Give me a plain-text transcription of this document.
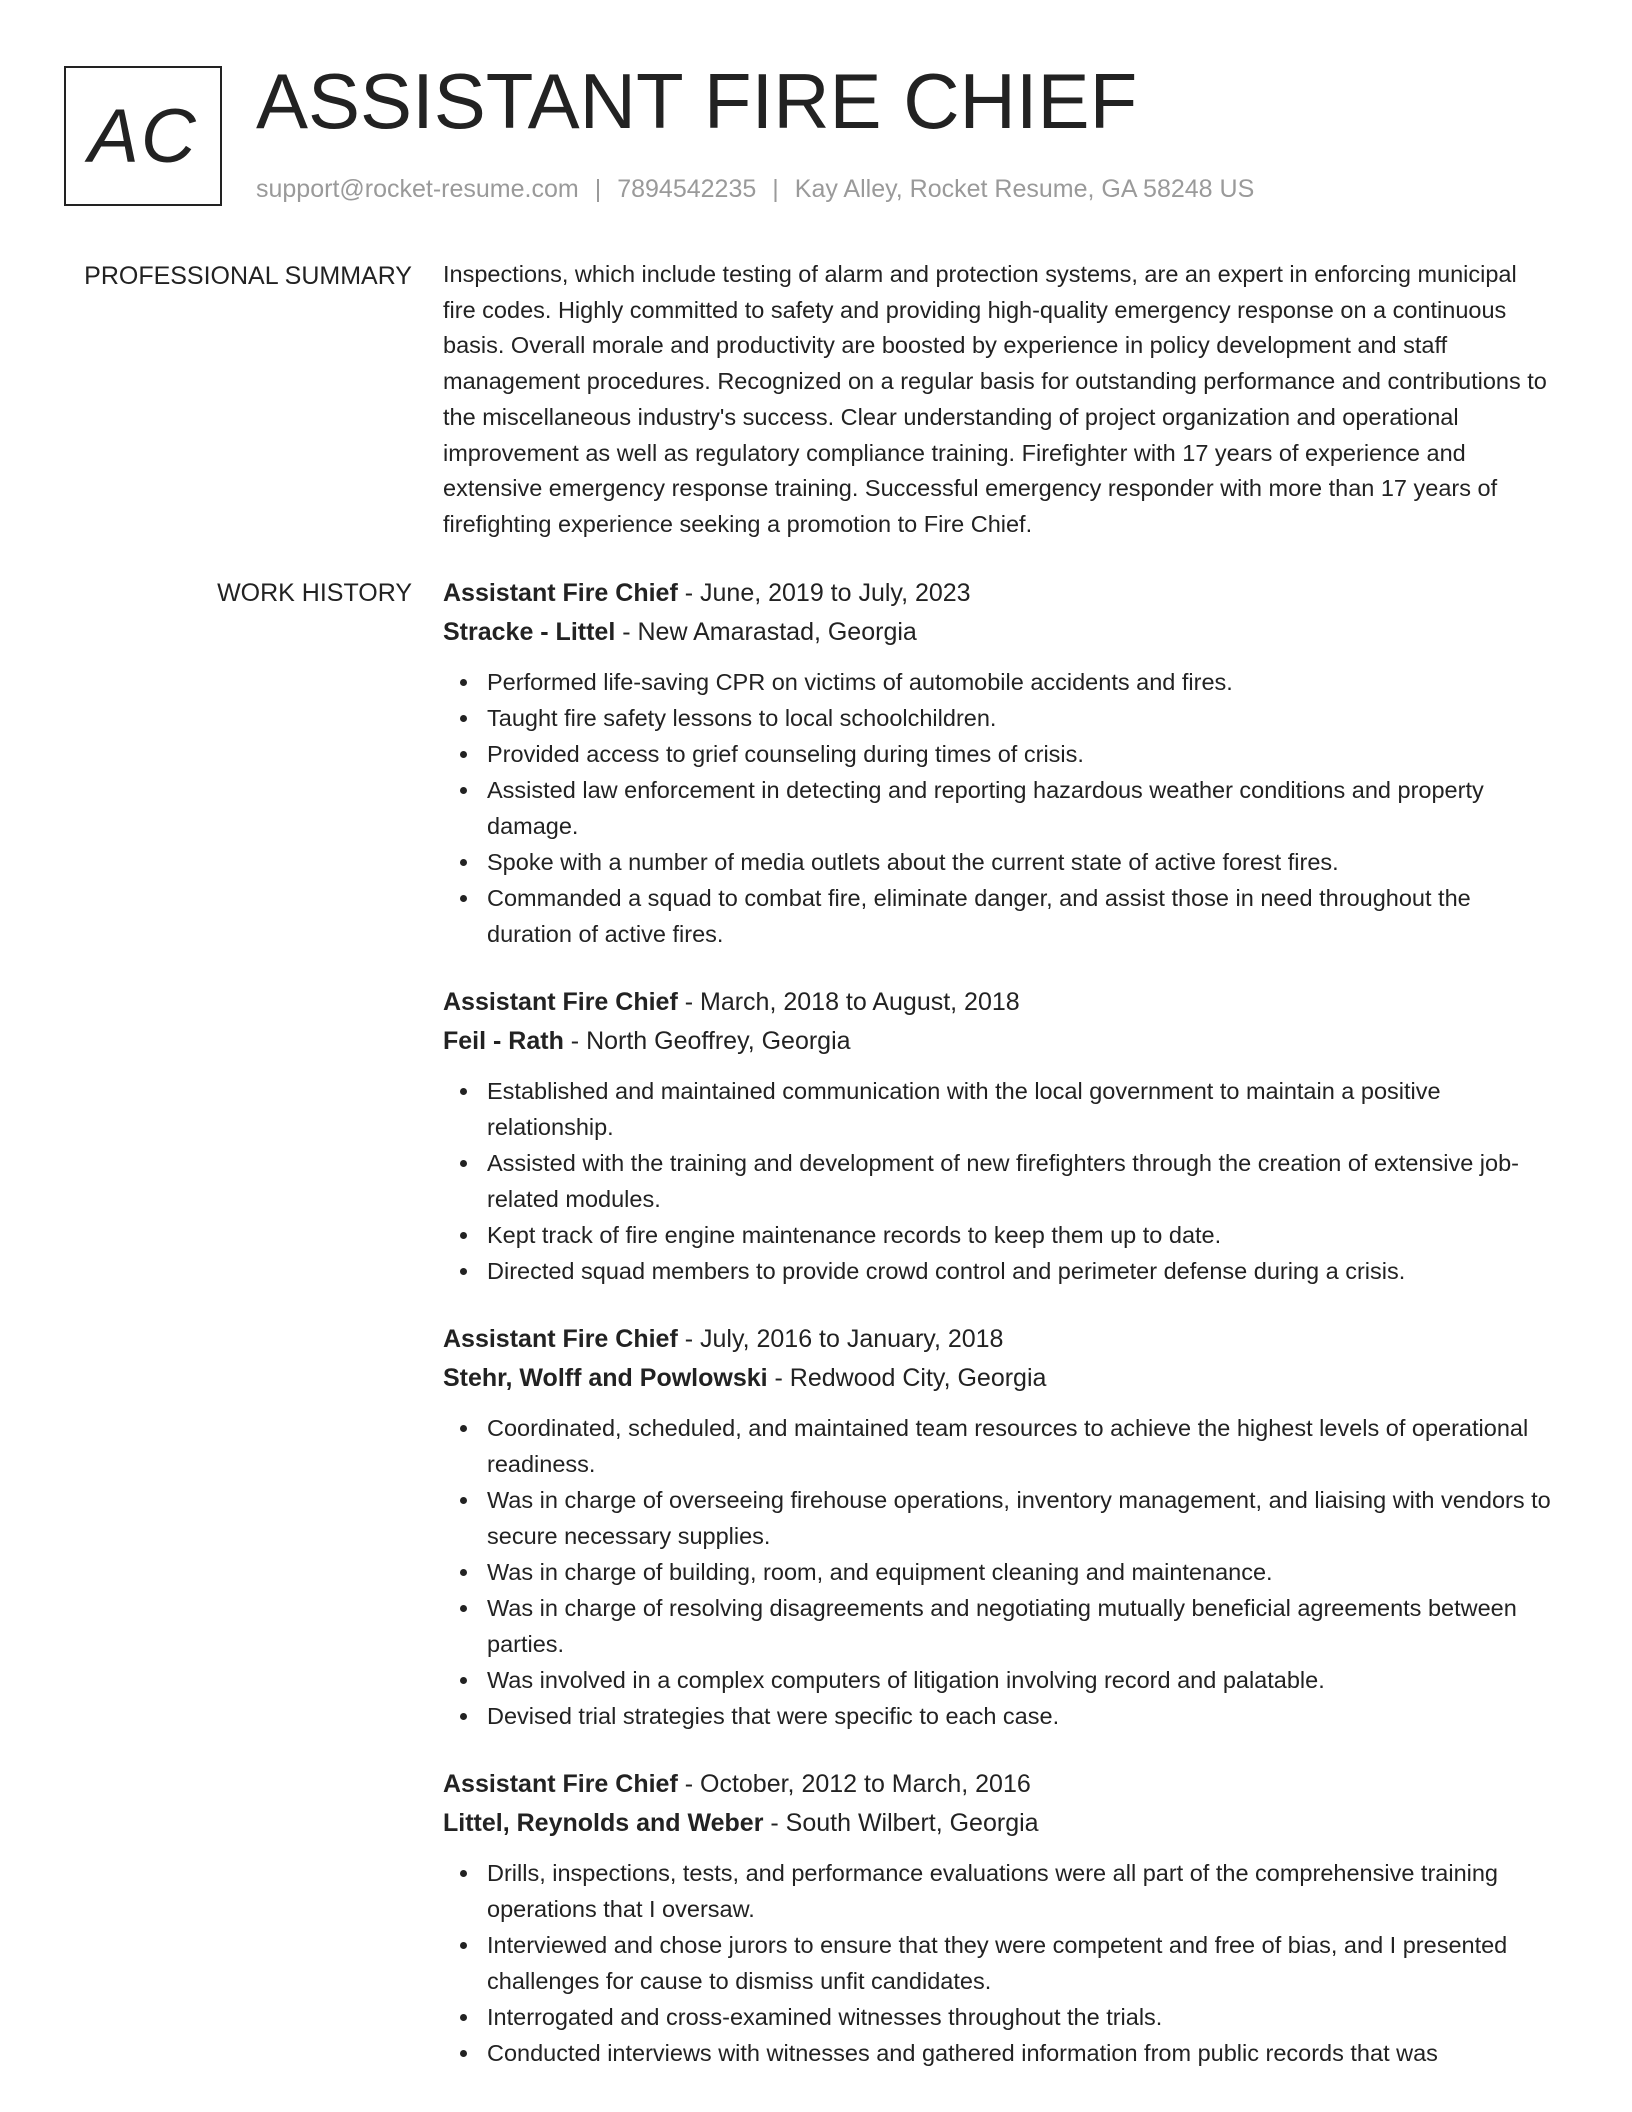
AC ASSISTANT FIRE CHIEF
support@rocket-resume.com | 7894542235 | Kay Alley, Rocket Resume, GA 58248 US
PROFESSIONAL SUMMARY Inspections, which include testing of alarm and protection systems, are an expert in enforcing municipal fire codes. Highly committed to safety and providing high-quality emergency response on a continuous basis. Overall morale and productivity are boosted by experience in policy development and staff management procedures. Recognized on a regular basis for outstanding performance and contributions to the miscellaneous industry's success. Clear understanding of project organization and operational improvement as well as regulatory compliance training. Firefighter with 17 years of experience and extensive emergency response training. Successful emergency responder with more than 17 years of firefighting experience seeking a promotion to Fire Chief.
WORK HISTORY Assistant Fire Chief - June, 2019 to July, 2023
Stracke - Littel - New Amarastad, Georgia
Performed life-saving CPR on victims of automobile accidents and fires.
Taught fire safety lessons to local schoolchildren.
Provided access to grief counseling during times of crisis.
Assisted law enforcement in detecting and reporting hazardous weather conditions and property damage.
Spoke with a number of media outlets about the current state of active forest fires.
Commanded a squad to combat fire, eliminate danger, and assist those in need throughout the duration of active fires.
Assistant Fire Chief - March, 2018 to August, 2018
Feil - Rath - North Geoffrey, Georgia
Established and maintained communication with the local government to maintain a positive relationship.
Assisted with the training and development of new firefighters through the creation of extensive job-related modules.
Kept track of fire engine maintenance records to keep them up to date.
Directed squad members to provide crowd control and perimeter defense during a crisis.
Assistant Fire Chief - July, 2016 to January, 2018
Stehr, Wolff and Powlowski - Redwood City, Georgia
Coordinated, scheduled, and maintained team resources to achieve the highest levels of operational readiness.
Was in charge of overseeing firehouse operations, inventory management, and liaising with vendors to secure necessary supplies.
Was in charge of building, room, and equipment cleaning and maintenance.
Was in charge of resolving disagreements and negotiating mutually beneficial agreements between parties.
Was involved in a complex computers of litigation involving record and palatable.
Devised trial strategies that were specific to each case.
Assistant Fire Chief - October, 2012 to March, 2016
Littel, Reynolds and Weber - South Wilbert, Georgia
Drills, inspections, tests, and performance evaluations were all part of the comprehensive training operations that I oversaw.
Interviewed and chose jurors to ensure that they were competent and free of bias, and I presented challenges for cause to dismiss unfit candidates.
Interrogated and cross-examined witnesses throughout the trials.
Conducted interviews with witnesses and gathered information from public records that was
